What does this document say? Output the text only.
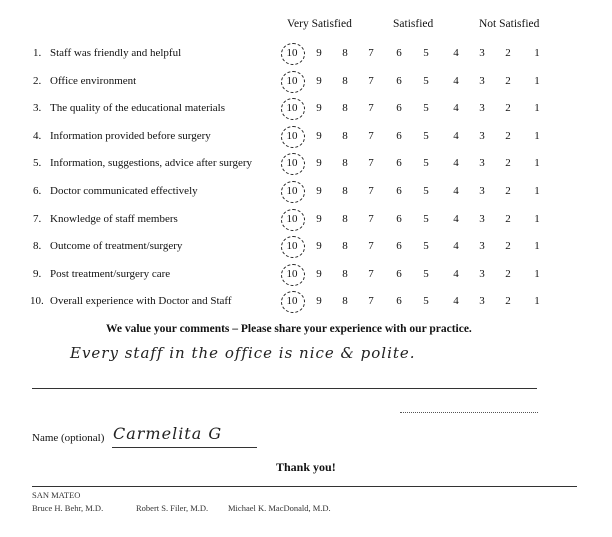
Very Satisfied	Satisfied	Not Satisfied
1. Staff was friendly and helpful	10	9	8	7	6	5	4	3	2	1
2. Office environment	10	9	8	7	6	5	4	3	2	1
3. The quality of the educational materials	10	9	8	7	6	5	4	3	2	1
4. Information provided before surgery	10	9	8	7	6	5	4	3	2	1
5. Information, suggestions, advice after surgery	10	9	8	7	6	5	4	3	2	1
6. Doctor communicated effectively	10	9	8	7	6	5	4	3	2	1
7. Knowledge of staff members	10	9	8	7	6	5	4	3	2	1
8. Outcome of treatment/surgery	10	9	8	7	6	5	4	3	2	1
9. Post treatment/surgery care	10	9	8	7	6	5	4	3	2	1
10. Overall experience with Doctor and Staff	10	9	8	7	6	5	4	3	2	1
We value your comments – Please share your experience with our practice.
Every staff in the office is nice & polite.
Name (optional) Carmelita G
Thank you!
SAN MATEO
Bruce H. Behr, M.D.	Robert S. Filer, M.D. Michael K. MacDonald, M.D.
